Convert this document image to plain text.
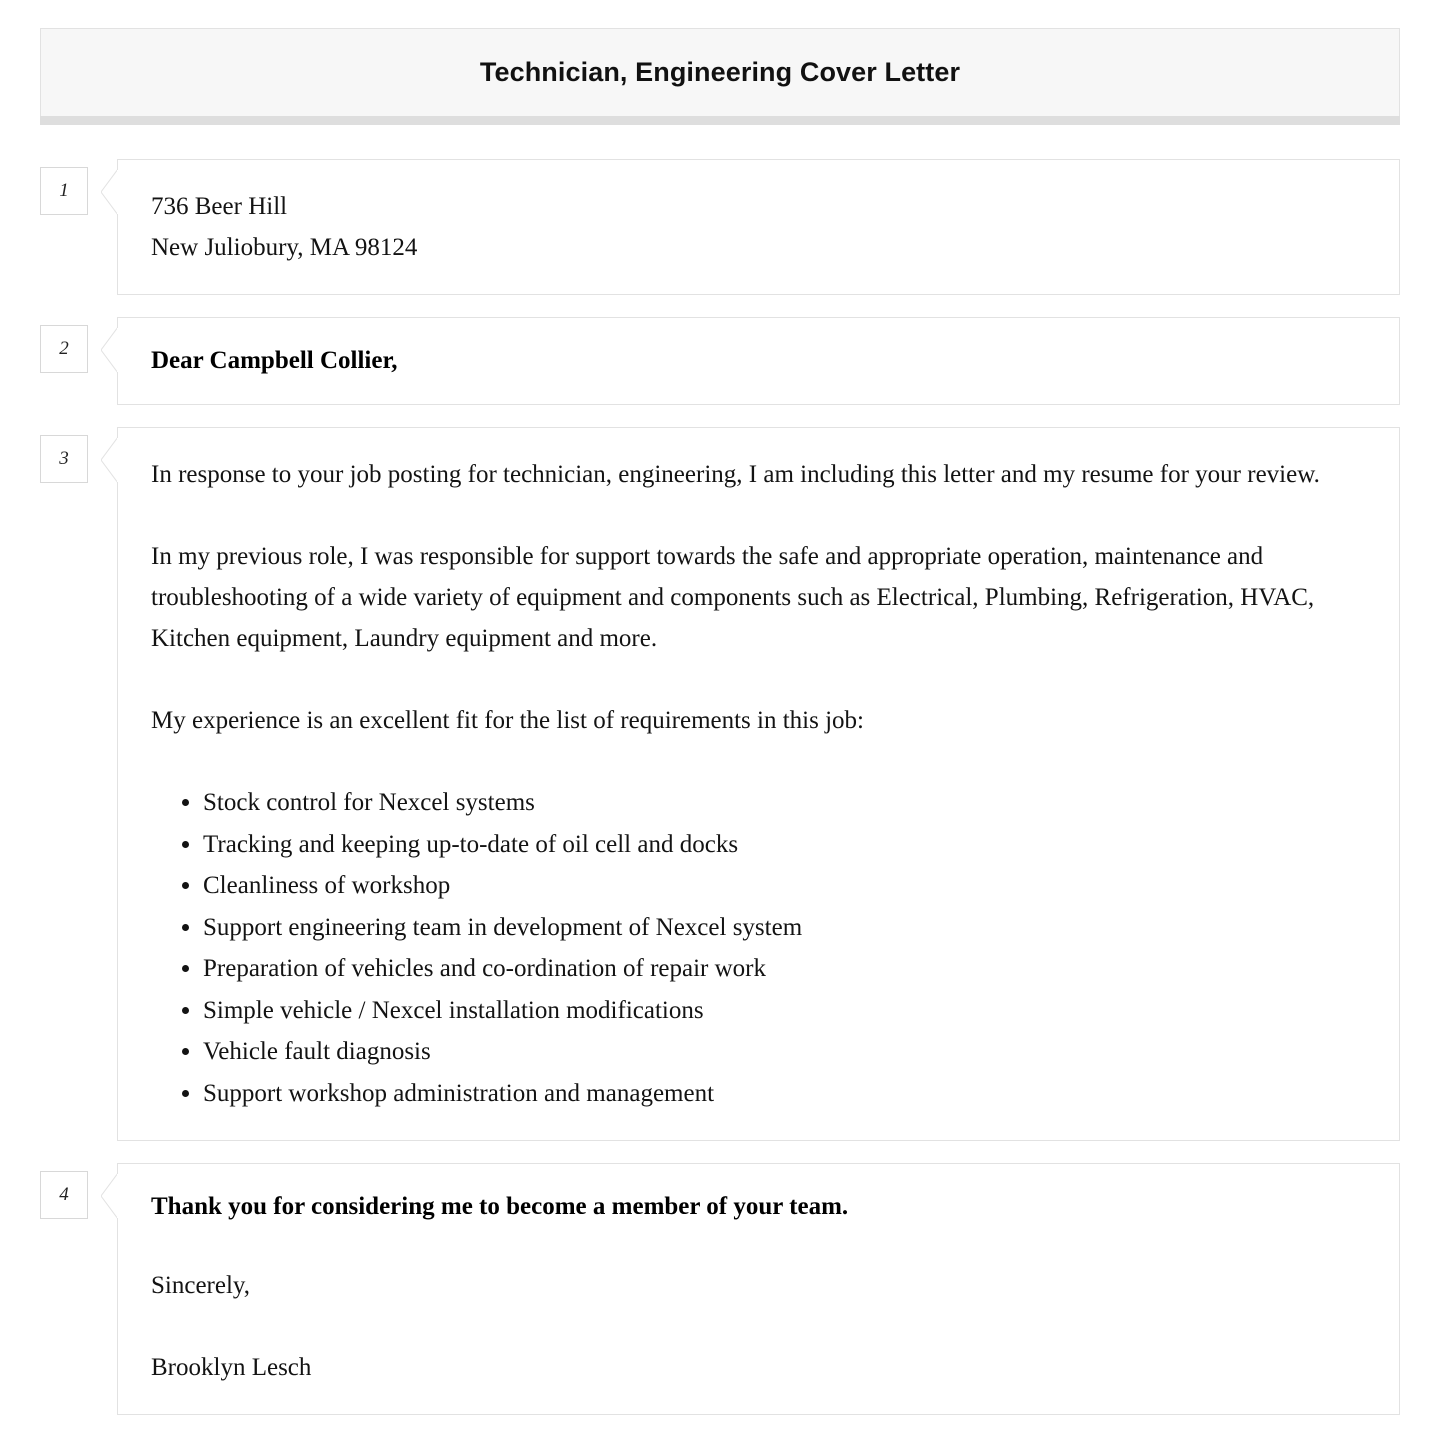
Technician, Engineering Cover Letter
1
736 Beer Hill
New Juliobury, MA 98124
2	Dear Campbell Collier,
3

In response to your job posting for technician, engineering, I am including this letter and my resume for your review.

In my previous role, I was responsible for support towards the safe and appropriate operation, maintenance and troubleshooting of a wide variety of equipment and components such as Electrical, Plumbing, Refrigeration, HVAC, Kitchen equipment, Laundry equipment and more.

My experience is an excellent fit for the list of requirements in this job:

• Stock control for Nexcel systems
• Tracking and keeping up-to-date of oil cell and docks
• Cleanliness of workshop
• Support engineering team in development of Nexcel system
• Preparation of vehicles and co-ordination of repair work
• Simple vehicle / Nexcel installation modifications
• Vehicle fault diagnosis
• Support workshop administration and management
4	Thank you for considering me to become a member of your team.
Sincerely,
Brooklyn Lesch
